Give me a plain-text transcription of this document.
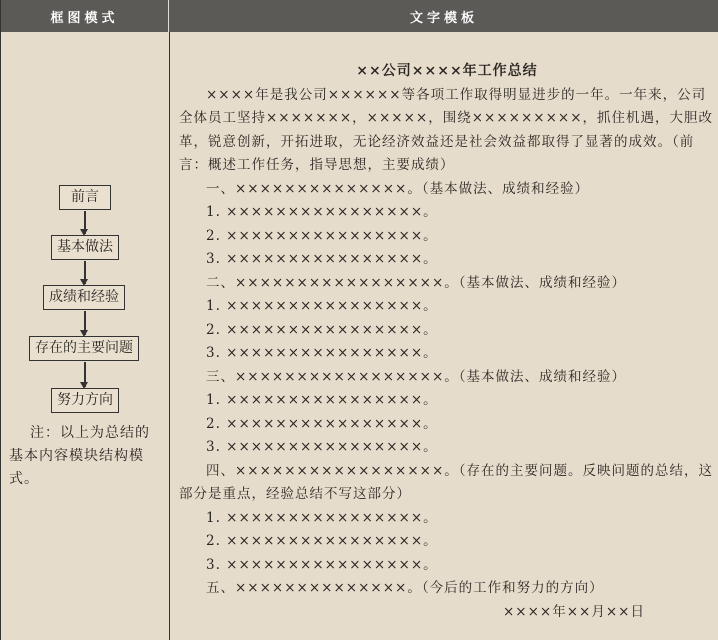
框图模式	文字模板
前言
基本做法
成绩和经验
存在的主要问题
努力方向
注：以上为总结的基本内容模块结构模式。

××公司××××年工作总结

××××年是我公司××××××等各项工作取得明显进步的一年。一年来，公司全体员工坚持×××××××，×××××，围绕×××××××××，抓住机遇，大胆改革，锐意创新，开拓进取，无论经济效益还是社会效益都取得了显著的成效。（前言：概述工作任务，指导思想，主要成绩）

一、××××××××××××××。（基本做法、成绩和经验）

1. ××××××××××××××××。

2. ××××××××××××××××。

3. ××××××××××××××××。

二、×××××××××××××××××。（基本做法、成绩和经验）

1. ××××××××××××××××。

2. ××××××××××××××××。

3. ××××××××××××××××。

三、×××××××××××××××××。（基本做法、成绩和经验）

1. ××××××××××××××××。

2. ××××××××××××××××。

3. ××××××××××××××××。

四、×××××××××××××××××。（存在的主要问题。反映问题的总结，这部分是重点，经验总结不写这部分）

1. ××××××××××××××××。

2. ××××××××××××××××。

3. ××××××××××××××××。

五、××××××××××××××。（今后的工作和努力的方向）

××××年××月××日
